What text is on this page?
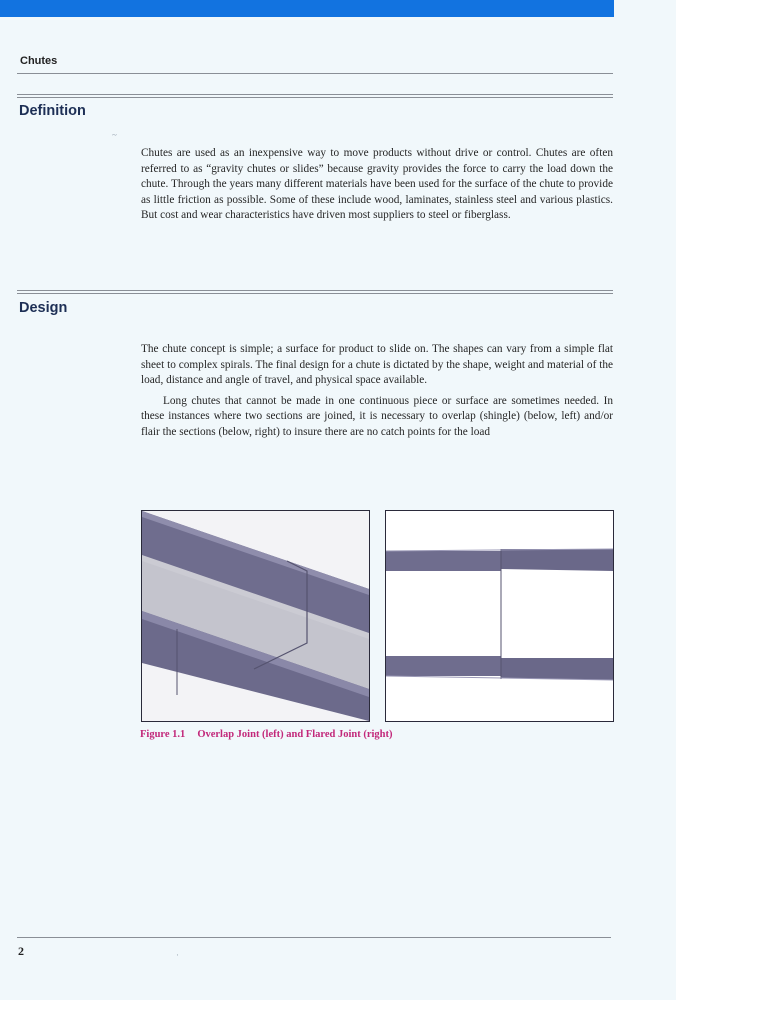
~
·
Chutes
Definition

Chutes are used as an inexpensive way to move products without drive or control. Chutes are often referred to as “gravity chutes or slides” because gravity provides the force to carry the load down the chute. Through the years many different materials have been used for the surface of the chute to provide as little friction as possible. Some of these include wood, laminates, stainless steel and various plastics. But cost and wear characteristics have driven most suppliers to steel or fiberglass.

Design

The chute concept is simple; a surface for product to slide on. The shapes can vary from a simple flat sheet to complex spirals. The final design for a chute is dictated by the shape, weight and material of the load, distance and angle of travel, and physical space available.

Long chutes that cannot be made in one continuous piece or surface are sometimes needed. In these instances where two sections are joined, it is necessary to overlap (shingle) (below, left) and/or flair the sections (below, right) to insure there are no catch points for the load

Figure 1.1 Overlap Joint (left) and Flared Joint (right)
2
